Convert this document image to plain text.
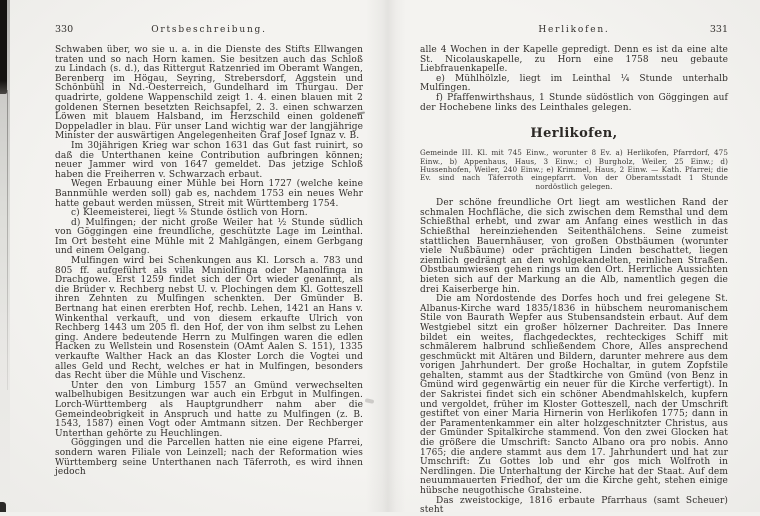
330	Ortsbeschreibung.

Schwaben über, wo sie u. a. in die Dienste des Stifts Ellwangen traten und so nach Horn kamen. Sie besitzen auch das Schloß zu Lindach (s. d.), das Rittergut Ratzenried im Oberamt Wangen, Berenberg im Högau, Seyring, Strebersdorf, Aggstein und Schönbühl in Nd.-Oesterreich, Gundelhard im Thurgau. Der quadrirte, goldene Wappenschild zeigt 1. 4. einen blauen mit 2 goldenen Sternen besetzten Reichsapfel, 2. 3. einen schwarzen Löwen mit blauem Halsband, im Herzschild einen goldenen Doppeladler in blau. Für unser Land wichtig war der langjährige Minister der auswärtigen Angelegenheiten Graf Josef Ignaz v. B.

Im 30jährigen Krieg war schon 1631 das Gut fast ruinirt, so daß die Unterthanen keine Contribution aufbringen können; neuer Jammer wird von 1647 gemeldet. Das jetzige Schloß haben die Freiherren v. Schwarzach erbaut.

Wegen Erbauung einer Mühle bei Horn 1727 (welche keine Bannmühle werden soll) gab es, nachdem 1753 ein neues Wehr hatte gebaut werden müssen, Streit mit Württemberg 1754.

c) Kleemeisterei, liegt ⅛ Stunde östlich von Horn.

d) Mulfingen; der nicht große Weiler hat ½ Stunde südlich von Göggingen eine freundliche, geschützte Lage im Leinthal. Im Ort besteht eine Mühle mit 2 Mahlgängen, einem Gerbgang und einem Oelgang.

Mulfingen wird bei Schenkungen aus Kl. Lorsch a. 783 und 805 ff. aufgeführt als villa Muniolfinga oder Manolfinga in Drachgowe. Erst 1259 findet sich der Ort wieder genannt, als die Brüder v. Rechberg nebst U. v. Plochingen dem Kl. Gotteszell ihren Zehnten zu Mulfingen schenkten. Der Gmünder B. Bertnang hat einen ererbten Hof, rechb. Lehen, 1421 an Hans v. Winkenthal verkauft, und von diesem erkaufte Ulrich von Rechberg 1443 um 205 fl. den Hof, der von ihm selbst zu Lehen ging. Andere bedeutende Herrn zu Mulfingen waren die edlen Hacken zu Wellstein und Rosenstein (OAmt Aalen S. 151), 1335 verkaufte Walther Hack an das Kloster Lorch die Vogtei und alles Geld und Recht, welches er hat in Mulfingen, besonders das Recht über die Mühle und Vischenz.

Unter den von Limburg 1557 an Gmünd verwechselten walbelhubigen Besitzungen war auch ein Erbgut in Mulfingen. Lorch-Württemberg als Hauptgrundherr nahm aber die Gemeindeobrigkeit in Anspruch und hatte zu Mulfingen (z. B. 1543, 1587) einen Vogt oder Amtmann sitzen. Der Rechberger Unterthan gehörte zu Heuchlingen.

Göggingen und die Parcellen hatten nie eine eigene Pfarrei, sondern waren Filiale von Leinzell; nach der Reformation wies Württemberg seine Unterthanen nach Täferroth, es wird ihnen jedoch

Herlikofen.	331

alle 4 Wochen in der Kapelle gepredigt. Denn es ist da eine alte St. Nicolauskapelle, zu Horn eine 1758 neu gebaute Liebfrauenkapelle.

e) Mühlhölzle, liegt im Leinthal ¼ Stunde unterhalb Mulfingen.

f) Pfaffenwirthshaus, 1 Stunde südöstlich von Göggingen auf der Hochebene links des Leinthales gelegen.

Herlikofen,

Gemeinde III. Kl. mit 745 Einw., worunter 8 Ev. a) Herlikofen, Pfarrdorf, 475 Einw., b) Appenhaus, Haus, 3 Einw.; c) Burgholz, Weiler, 25 Einw.; d) Hussenhofen, Weiler, 240 Einw.; e) Krimmel, Haus, 2 Einw. — Kath. Pfarrei; die Ev. sind nach Täferroth eingepfarrt. Von der Oberamtsstadt 1 Stunde nordöstlich gelegen.

Der schöne freundliche Ort liegt am westlichen Rand der schmalen Hochfläche, die sich zwischen dem Remsthal und dem Schießthal erhebt, und zwar am Anfang eines westlich in das Schießthal hereinziehenden Seitenthälchens. Seine zumeist stattlichen Bauernhäuser, von großen Obstbäumen (worunter viele Nußbäume) oder prächtigen Linden beschattet, liegen ziemlich gedrängt an den wohlgekandelten, reinlichen Straßen. Obstbaumwiesen gehen rings um den Ort. Herrliche Aussichten bieten sich auf der Markung an die Alb, namentlich gegen die drei Kaiserberge hin.

Die am Nordostende des Dorfes hoch und frei gelegene St. Albanus-Kirche ward 1835/1836 in hübschem neuromanischem Stile von Baurath Wepfer aus Stubensandstein erbaut. Auf dem Westgiebel sitzt ein großer hölzerner Dachreiter. Das Innere bildet ein weites, flachgedecktes, rechteckiges Schiff mit schmälerem halbrund schließendem Chore, Alles ansprechend geschmückt mit Altären und Bildern, darunter mehrere aus dem vorigen Jahrhundert. Der große Hochaltar, in gutem Zopfstile gehalten, stammt aus der Stadtkirche von Gmünd (von Benz in Gmünd wird gegenwärtig ein neuer für die Kirche verfertigt). In der Sakristei findet sich ein schöner Abendmahlskelch, kupfern und vergoldet, früher im Kloster Gotteszell, nach der Umschrift gestiftet von einer Maria Hirnerin von Herlikofen 1775; dann in der Paramentenkammer ein alter holzgeschnitzter Christus, aus der Gmünder Spitalkirche stammend. Von den zwei Glocken hat die größere die Umschrift: Sancto Albano ora pro nobis. Anno 1765; die andere stammt aus dem 17. Jahrhundert und hat zur Umschrift: Zu Gottes lob und ehr gos mich Wolfroth in Nerdlingen. Die Unterhaltung der Kirche hat der Staat. Auf dem neuummauerten Friedhof, der um die Kirche geht, stehen einige hübsche neugothische Grabsteine.

Das zweistockige, 1816 erbaute Pfarrhaus (samt Scheuer) steht
